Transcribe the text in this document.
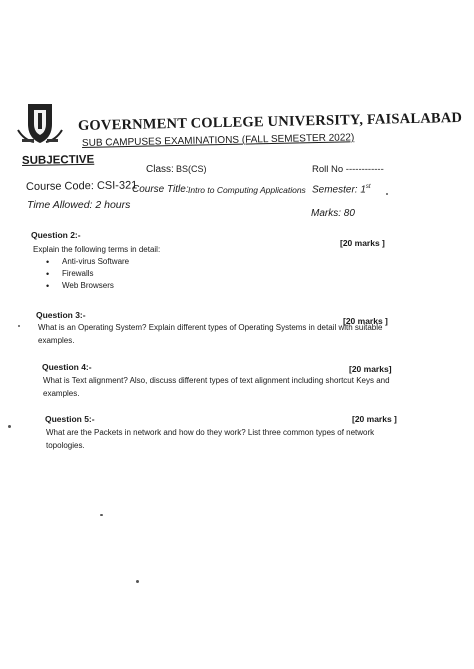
GOVERNMENT COLLEGE UNIVERSITY, FAISALABAD
SUB CAMPUSES EXAMINATIONS (FALL SEMESTER 2022)
SUBJECTIVE
Class: BS(CS)	Roll No ------------
Course Code: CSI-321
Course Title: Intro to Computing Applications Semester: 1st
Time Allowed: 2 hours
Marks: 80
Question 2:-
[20 marks ]
Explain the following terms in detail:
• Anti-virus Software
• Firewalls
• Web Browsers
Question 3:-
[20 marks ]
What is an Operating System? Explain different types of Operating Systems in detail with suitable examples.
Question 4:-	[20 marks]
What is Text alignment? Also, discuss different types of text alignment including shortcut Keys and examples.
Question 5:-	[20 marks ]
What are the Packets in network and how do they work? List three common types of network topologies.
